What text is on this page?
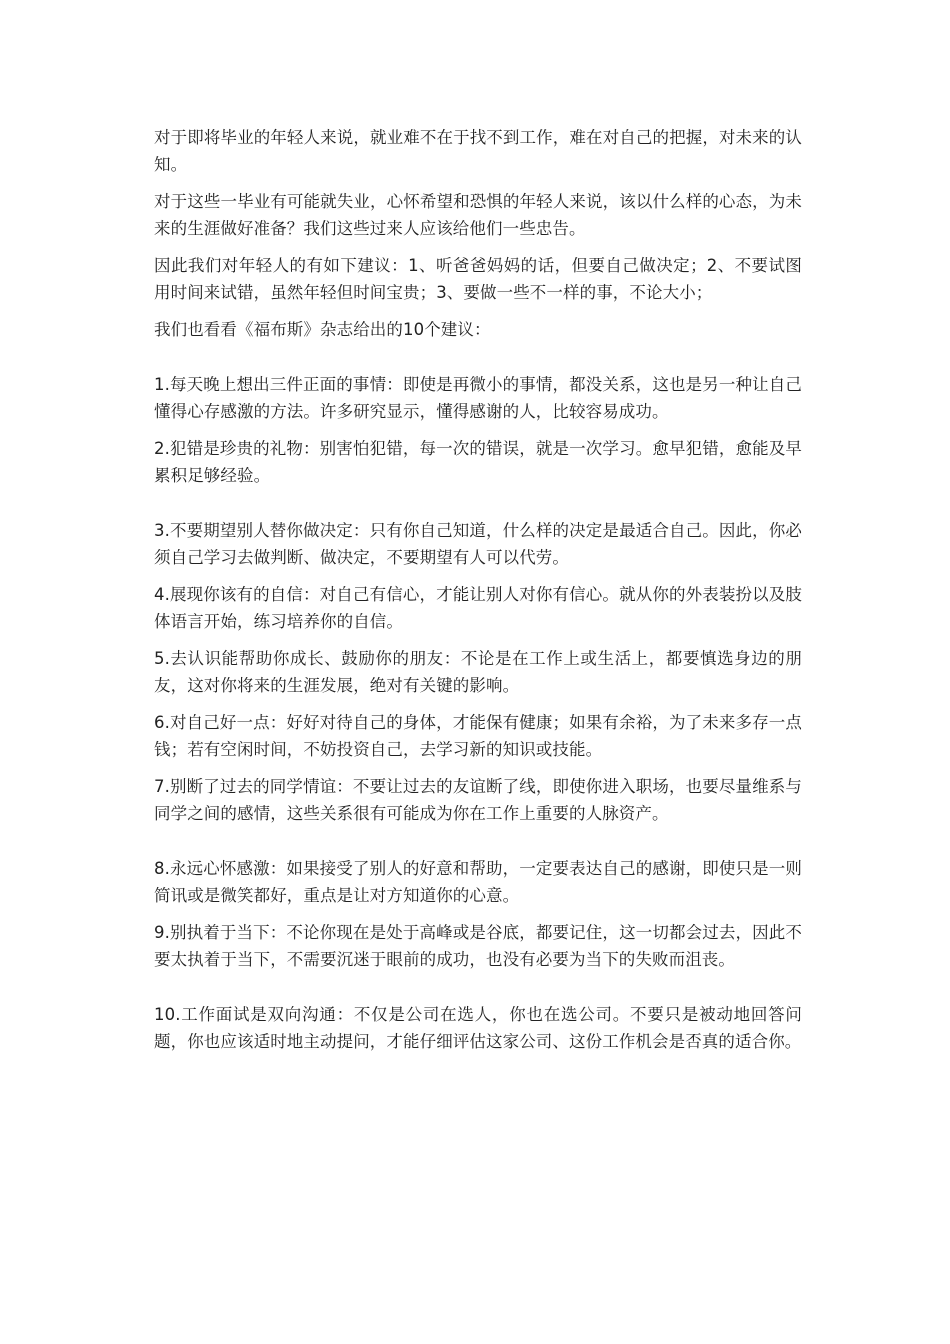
对于即将毕业的年轻人来说，就业难不在于找不到工作，难在对自己的把握，对未来的认知。

对于这些一毕业有可能就失业，心怀希望和恐惧的年轻人来说，该以什么样的心态，为未来的生涯做好准备？我们这些过来人应该给他们一些忠告。

因此我们对年轻人的有如下建议：1、听爸爸妈妈的话，但要自己做决定；2、不要试图用时间来试错，虽然年轻但时间宝贵；3、要做一些不一样的事，不论大小；

我们也看看《福布斯》杂志给出的10个建议：

1.每天晚上想出三件正面的事情：即使是再微小的事情，都没关系，这也是另一种让自己懂得心存感激的方法。许多研究显示，懂得感谢的人，比较容易成功。

2.犯错是珍贵的礼物：别害怕犯错，每一次的错误，就是一次学习。愈早犯错，愈能及早累积足够经验。

3.不要期望别人替你做决定：只有你自己知道，什么样的决定是最适合自己。因此，你必须自己学习去做判断、做决定，不要期望有人可以代劳。

4.展现你该有的自信：对自己有信心，才能让别人对你有信心。就从你的外表装扮以及肢体语言开始，练习培养你的自信。

5.去认识能帮助你成长、鼓励你的朋友：不论是在工作上或生活上，都要慎选身边的朋友，这对你将来的生涯发展，绝对有关键的影响。

6.对自己好一点：好好对待自己的身体，才能保有健康；如果有余裕，为了未来多存一点钱；若有空闲时间，不妨投资自己，去学习新的知识或技能。

7.别断了过去的同学情谊：不要让过去的友谊断了线，即使你进入职场，也要尽量维系与同学之间的感情，这些关系很有可能成为你在工作上重要的人脉资产。

8.永远心怀感激：如果接受了别人的好意和帮助，一定要表达自己的感谢，即使只是一则简讯或是微笑都好，重点是让对方知道你的心意。

9.别执着于当下：不论你现在是处于高峰或是谷底，都要记住，这一切都会过去，因此不要太执着于当下，不需要沉迷于眼前的成功，也没有必要为当下的失败而沮丧。

10.工作面试是双向沟通：不仅是公司在选人，你也在选公司。不要只是被动地回答问题，你也应该适时地主动提问，才能仔细评估这家公司、这份工作机会是否真的适合你。
